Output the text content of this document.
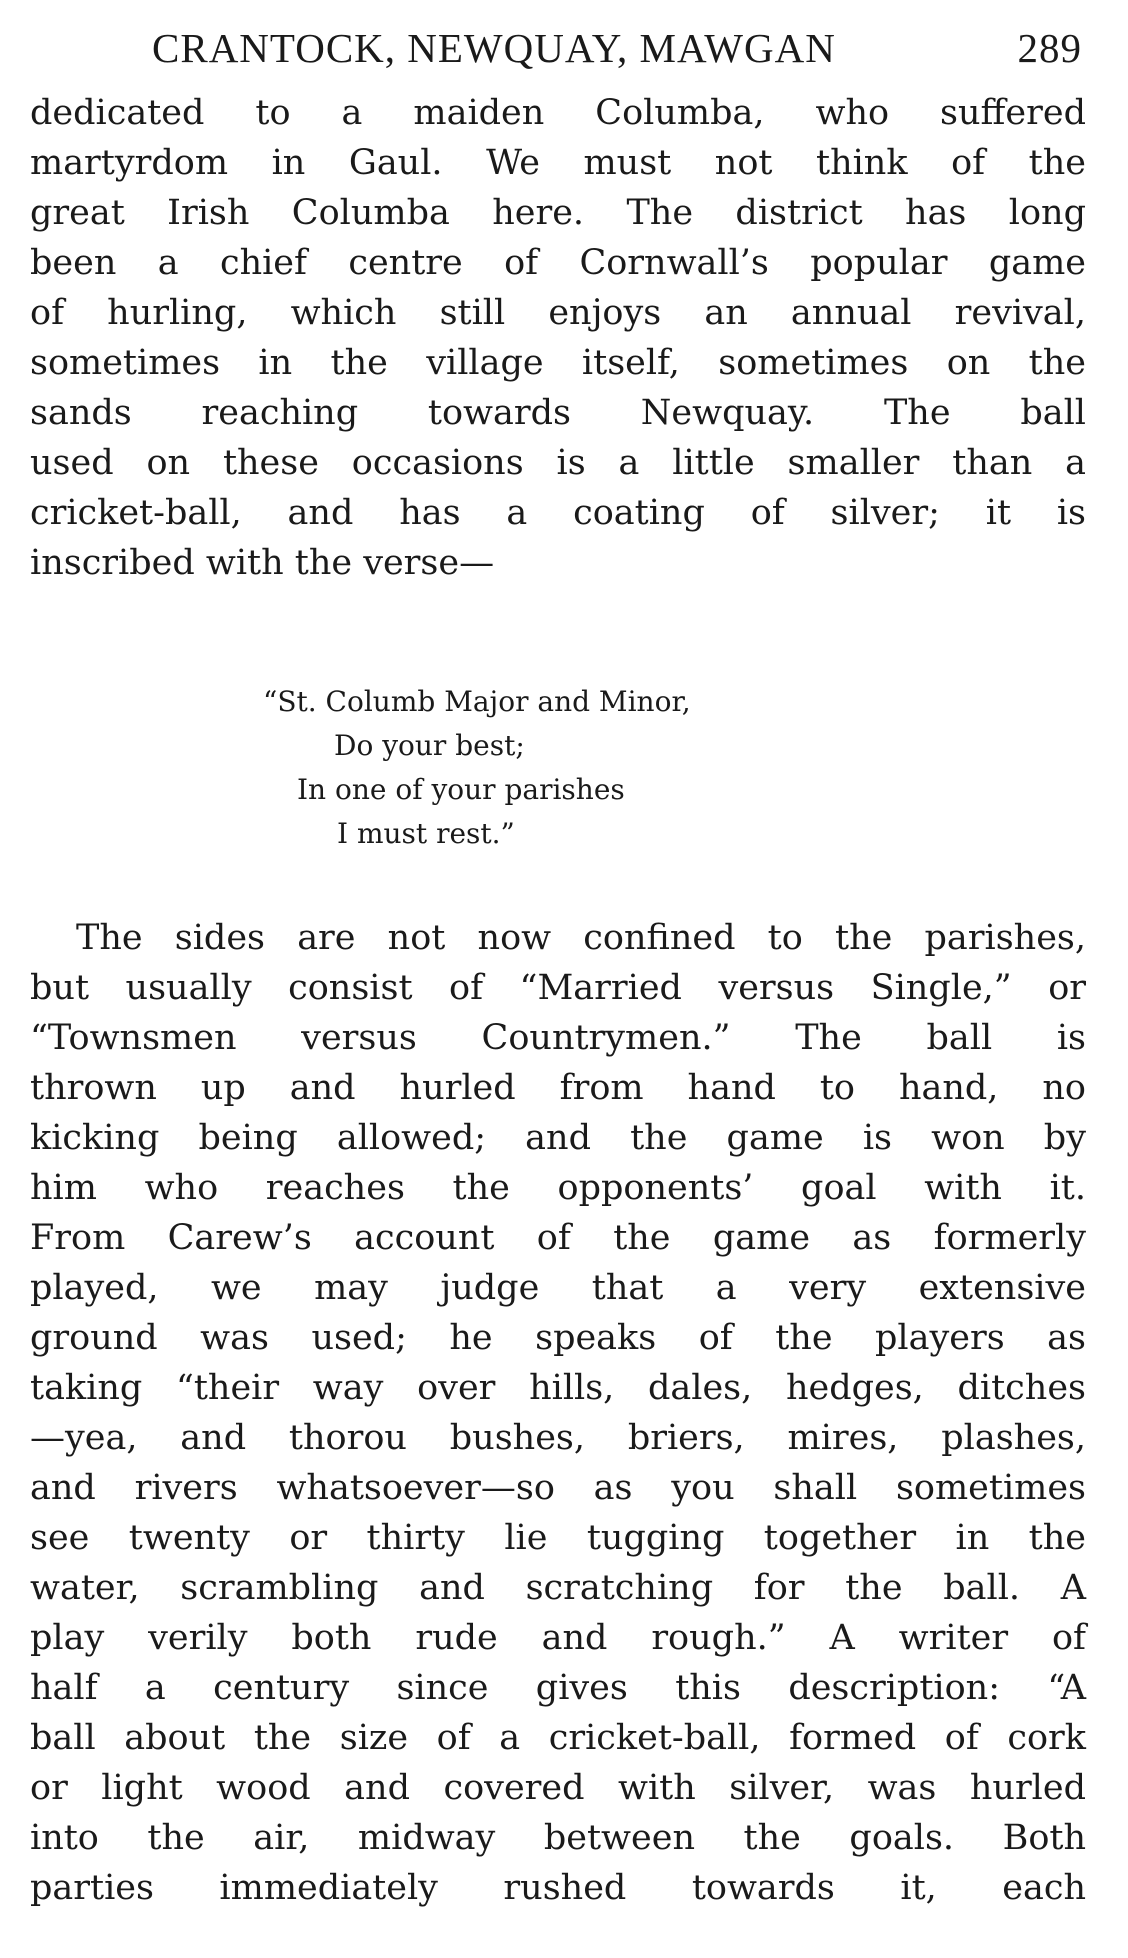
CRANTOCK, NEWQUAY, MAWGAN	289
dedicated to a maiden Columba, who suffered
martyrdom in Gaul. We must not think of the
great Irish Columba here. The district has long
been a chief centre of Cornwall’s popular game
of hurling, which still enjoys an annual revival,
sometimes in the village itself, sometimes on the
sands reaching towards Newquay. The ball
used on these occasions is a little smaller than a
cricket-ball, and has a coating of silver; it is
inscribed with the verse—
“St. Columb Major and Minor,
Do your best;
In one of your parishes
I must rest.”
The sides are not now confined to the parishes,
but usually consist of “Married versus Single,” or
“Townsmen versus Countrymen.” The ball is
thrown up and hurled from hand to hand, no
kicking being allowed; and the game is won by
him who reaches the opponents’ goal with it.
From Carew’s account of the game as formerly
played, we may judge that a very extensive
ground was used; he speaks of the players as
taking “their way over hills, dales, hedges, ditches
—yea, and thorou bushes, briers, mires, plashes,
and rivers whatsoever—so as you shall sometimes
see twenty or thirty lie tugging together in the
water, scrambling and scratching for the ball. A
play verily both rude and rough.” A writer of
half a century since gives this description: “A
ball about the size of a cricket-ball, formed of cork
or light wood and covered with silver, was hurled
into the air, midway between the goals. Both
parties immediately rushed towards it, each
